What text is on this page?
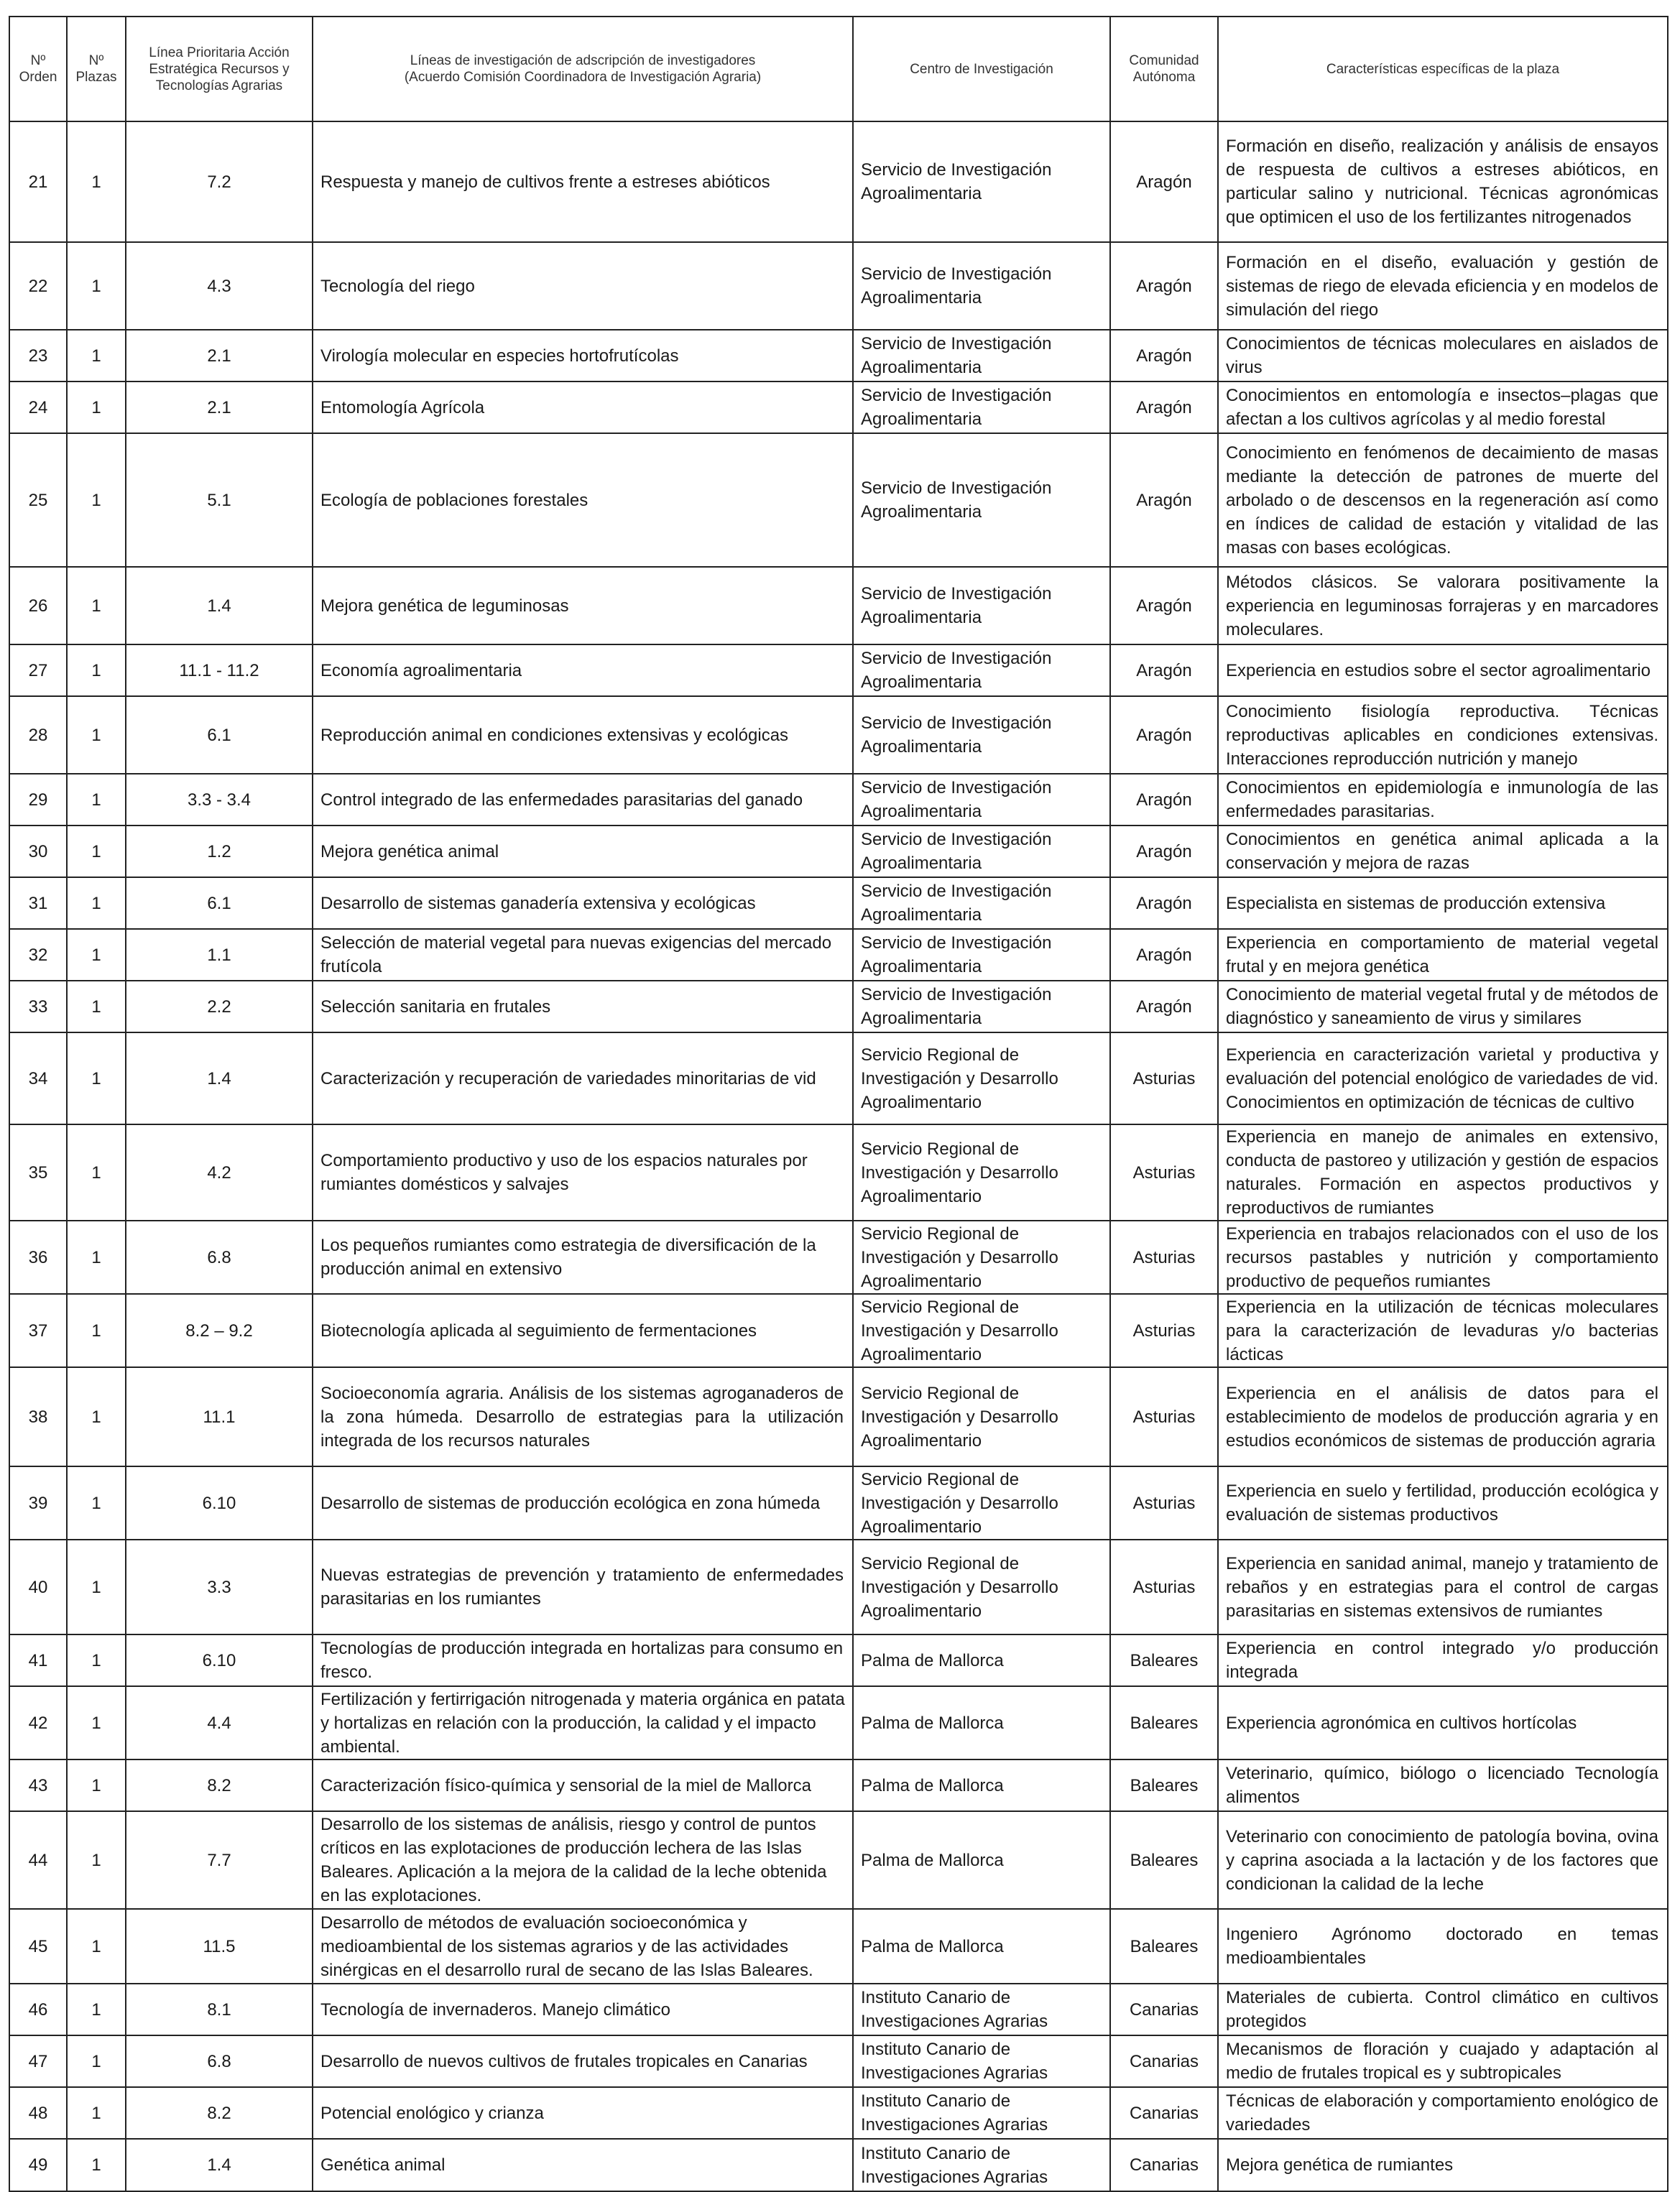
Nº Orden	Nº Plazas	Línea Prioritaria Acción Estratégica Recursos y Tecnologías Agrarias	Líneas de investigación de adscripción de investigadores (Acuerdo Comisión Coordinadora de Investigación Agraria)	Centro de Investigación	Comunidad Autónoma	Características específicas de la plaza
21	1	7.2	Respuesta y manejo de cultivos frente a estreses abióticos	Servicio de Investigación Agroalimentaria	Aragón	Formación en diseño, realización y análisis de ensayos de respuesta de cultivos a estreses abióticos, en particular salino y nutricional. Técnicas agronómicas que optimicen el uso de los fertilizantes nitrogenados
22	1	4.3	Tecnología del riego	Servicio de Investigación Agroalimentaria	Aragón	Formación en el diseño, evaluación y gestión de sistemas de riego de elevada eficiencia y en modelos de simulación del riego
23	1	2.1	Virología molecular en especies hortofrutícolas	Servicio de Investigación Agroalimentaria	Aragón	Conocimientos de técnicas moleculares en aislados de virus
24	1	2.1	Entomología Agrícola	Servicio de Investigación Agroalimentaria	Aragón	Conocimientos en entomología e insectos–plagas que afectan a los cultivos agrícolas y al medio forestal
25	1	5.1	Ecología de poblaciones forestales	Servicio de Investigación Agroalimentaria	Aragón	Conocimiento en fenómenos de decaimiento de masas mediante la detección de patrones de muerte del arbolado o de descensos en la regeneración así como en índices de calidad de estación y vitalidad de las masas con bases ecológicas.
26	1	1.4	Mejora genética de leguminosas	Servicio de Investigación Agroalimentaria	Aragón	Métodos clásicos. Se valorara positivamente la experiencia en leguminosas forrajeras y en marcadores moleculares.
27	1	11.1 - 11.2	Economía agroalimentaria	Servicio de Investigación Agroalimentaria	Aragón	Experiencia en estudios sobre el sector agroalimentario
28	1	6.1	Reproducción animal en condiciones extensivas y ecológicas	Servicio de Investigación Agroalimentaria	Aragón	Conocimiento fisiología reproductiva. Técnicas reproductivas aplicables en condiciones extensivas. Interacciones reproducción nutrición y manejo
29	1	3.3 - 3.4	Control integrado de las enfermedades parasitarias del ganado	Servicio de Investigación Agroalimentaria	Aragón	Conocimientos en epidemiología e inmunología de las enfermedades parasitarias.
30	1	1.2	Mejora genética animal	Servicio de Investigación Agroalimentaria	Aragón	Conocimientos en genética animal aplicada a la conservación y mejora de razas
31	1	6.1	Desarrollo de sistemas ganadería extensiva y ecológicas	Servicio de Investigación Agroalimentaria	Aragón	Especialista en sistemas de producción extensiva
32	1	1.1	Selección de material vegetal para nuevas exigencias del mercado frutícola	Servicio de Investigación Agroalimentaria	Aragón	Experiencia en comportamiento de material vegetal frutal y en mejora genética
33	1	2.2	Selección sanitaria en frutales	Servicio de Investigación Agroalimentaria	Aragón	Conocimiento de material vegetal frutal y de métodos de diagnóstico y saneamiento de virus y similares
34	1	1.4	Caracterización y recuperación de variedades minoritarias de vid	Servicio Regional de Investigación y Desarrollo Agroalimentario	Asturias	Experiencia en caracterización varietal y productiva y evaluación del potencial enológico de variedades de vid. Conocimientos en optimización de técnicas de cultivo
35	1	4.2	Comportamiento productivo y uso de los espacios naturales por rumiantes domésticos y salvajes	Servicio Regional de Investigación y Desarrollo Agroalimentario	Asturias	Experiencia en manejo de animales en extensivo, conducta de pastoreo y utilización y gestión de espacios naturales. Formación en aspectos productivos y reproductivos de rumiantes
36	1	6.8	Los pequeños rumiantes como estrategia de diversificación de la producción animal en extensivo	Servicio Regional de Investigación y Desarrollo Agroalimentario	Asturias	Experiencia en trabajos relacionados con el uso de los recursos pastables y nutrición y comportamiento productivo de pequeños rumiantes
37	1	8.2 – 9.2	Biotecnología aplicada al seguimiento de fermentaciones	Servicio Regional de Investigación y Desarrollo Agroalimentario	Asturias	Experiencia en la utilización de técnicas moleculares para la caracterización de levaduras y/o bacterias lácticas
38	1	11.1	Socioeconomía agraria. Análisis de los sistemas agroganaderos de la zona húmeda. Desarrollo de estrategias para la utilización integrada de los recursos naturales	Servicio Regional de Investigación y Desarrollo Agroalimentario	Asturias	Experiencia en el análisis de datos para el establecimiento de modelos de producción agraria y en estudios económicos de sistemas de producción agraria
39	1	6.10	Desarrollo de sistemas de producción ecológica en zona húmeda	Servicio Regional de Investigación y Desarrollo Agroalimentario	Asturias	Experiencia en suelo y fertilidad, producción ecológica y evaluación de sistemas productivos
40	1	3.3	Nuevas estrategias de prevención y tratamiento de enfermedades parasitarias en los rumiantes	Servicio Regional de Investigación y Desarrollo Agroalimentario	Asturias	Experiencia en sanidad animal, manejo y tratamiento de rebaños y en estrategias para el control de cargas parasitarias en sistemas extensivos de rumiantes
41	1	6.10	Tecnologías de producción integrada en hortalizas para consumo en fresco.	Palma de Mallorca	Baleares	Experiencia en control integrado y/o producción integrada
42	1	4.4	Fertilización y fertirrigación nitrogenada y materia orgánica en patata y hortalizas en relación con la producción, la calidad y el impacto ambiental.	Palma de Mallorca	Baleares	Experiencia agronómica en cultivos hortícolas
43	1	8.2	Caracterización físico-química y sensorial de la miel de Mallorca	Palma de Mallorca	Baleares	Veterinario, químico, biólogo o licenciado Tecnología alimentos
44	1	7.7	Desarrollo de los sistemas de análisis, riesgo y control de puntos críticos en las explotaciones de producción lechera de las Islas Baleares. Aplicación a la mejora de la calidad de la leche obtenida en las explotaciones.	Palma de Mallorca	Baleares	Veterinario con conocimiento de patología bovina, ovina y caprina asociada a la lactación y de los factores que condicionan la calidad de la leche
45	1	11.5	Desarrollo de métodos de evaluación socioeconómica y medioambiental de los sistemas agrarios y de las actividades sinérgicas en el desarrollo rural de secano de las Islas Baleares.	Palma de Mallorca	Baleares	Ingeniero Agrónomo doctorado en temas medioambientales
46	1	8.1	Tecnología de invernaderos. Manejo climático	Instituto Canario de Investigaciones Agrarias	Canarias	Materiales de cubierta. Control climático en cultivos protegidos
47	1	6.8	Desarrollo de nuevos cultivos de frutales tropicales en Canarias	Instituto Canario de Investigaciones Agrarias	Canarias	Mecanismos de floración y cuajado y adaptación al medio de frutales tropical es y subtropicales
48	1	8.2	Potencial enológico y crianza	Instituto Canario de Investigaciones Agrarias	Canarias	Técnicas de elaboración y comportamiento enológico de variedades
49	1	1.4	Genética animal	Instituto Canario de Investigaciones Agrarias	Canarias	Mejora genética de rumiantes
